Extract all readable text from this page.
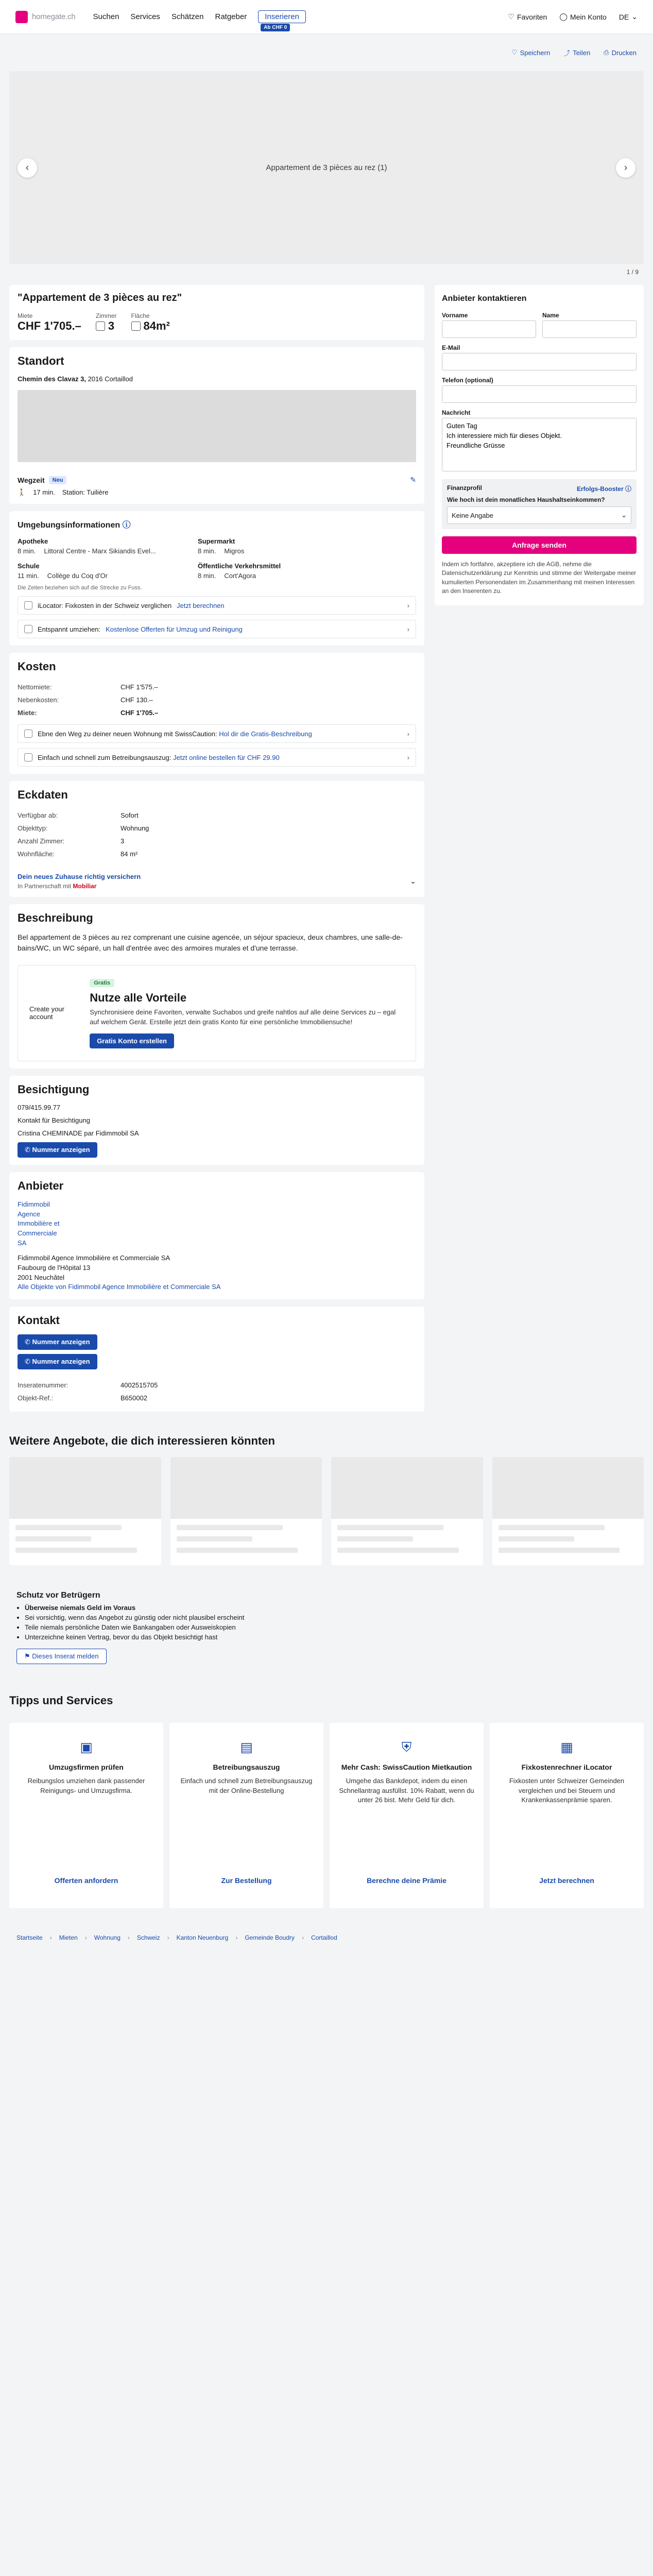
homegate.ch Suchen Services Schätzen Ratgeber	Inserieren
Ab CHF 0
♡ Favoriten ◯ Mein Konto DE ⌄
♡ Speichern ⤴ Teilen ⎙ Drucken
‹	Appartement de 3 pièces au rez (1)	›
1 / 9
"Appartement de 3 pièces au rez"
Miete
CHF 1'705.–
Zimmer
3
Fläche
84m²
Standort
Chemin des Clavaz 3, 2016 Cortaillod
Wegzeit	Neu	✎
🚶 17 min. Station: Tuilière
Umgebungsinformationen ⓘ
Apotheke
8 min. Littoral Centre - Marx Sikiandis Evel...
Supermarkt
8 min. Migros
Schule
11 min. Collège du Coq d'Or
Öffentliche Verkehrsmittel
8 min. Cort'Agora
Die Zeiten beziehen sich auf die Strecke zu Fuss.
iLocator: Fixkosten in der Schweiz verglichen Jetzt berechnen	›
Entspannt umziehen: Kostenlose Offerten für Umzug und Reinigung	›
Kosten
Nettomiete:	CHF 1'575.–
Nebenkosten:	CHF 130.–
Miete:	CHF 1'705.–
Ebne den Weg zu deiner neuen Wohnung mit SwissCaution: Hol dir die Gratis-Beschreibung	›
Einfach und schnell zum Betreibungsauszug: Jetzt online bestellen für CHF 29.90	›
Eckdaten
Verfügbar ab:	Sofort
Objekttyp:	Wohnung
Anzahl Zimmer:	3
Wohnfläche:	84 m²
Dein neues Zuhause richtig versichern
In Partnerschaft mit Mobiliar
⌄
Beschreibung

Bel appartement de 3 pièces au rez comprenant une cuisine agencée, un séjour spacieux, deux chambres, une salle-de-bains/WC, un WC séparé, un hall d'entrée avec des armoires murales et d'une terrasse.

Create your account
Gratis
Nutze alle Vorteile

Synchronisiere deine Favoriten, verwalte Suchabos und greife nahtlos auf alle deine Services zu – egal auf welchem Gerät. Erstelle jetzt dein gratis Konto für eine persönliche Immobiliensuche!

Gratis Konto erstellen
Besichtigung
079/415.99.77
Kontakt für Besichtigung
Cristina CHEMINADE par Fidimmobil SA
✆ Nummer anzeigen
Anbieter
Fidimmobil
Agence
Immobilière et
Commerciale
SA
Fidimmobil Agence Immobilière et Commerciale SA
Faubourg de l'Hôpital 13
2001 Neuchâtel
Alle Objekte von Fidimmobil Agence Immobilière et Commerciale SA
Kontakt
✆ Nummer anzeigen
✆ Nummer anzeigen
Inseratenummer:	4002515705
Objekt-Ref.:	B650002
Anbieter kontaktieren
Vorname	Name
E-Mail
Telefon (optional)
Nachricht
Guten Tag Ich interessiere mich für dieses Objekt. Freundliche Grüsse
Finanzprofil	Erfolgs-Booster ⓘ
Wie hoch ist dein monatliches Haushaltseinkommen?
Keine Angabe	⌄
Anfrage senden

Indem ich fortfahre, akzeptiere ich die AGB, nehme die Datenschutzerklärung zur Kenntnis und stimme der Weitergabe meiner kumulierten Personendaten im Zusammenhang mit meinen Interessen an den Inserenten zu.

Weitere Angebote, die dich interessieren könnten
Schutz vor Betrügern
• Überweise niemals Geld im Voraus
• Sei vorsichtig, wenn das Angebot zu günstig oder nicht plausibel erscheint
• Teile niemals persönliche Daten wie Bankangaben oder Ausweiskopien
• Unterzeichne keinen Vertrag, bevor du das Objekt besichtigt hast
⚑ Dieses Inserat melden
Tipps und Services
▣
Umzugsfirmen prüfen

Reibungslos umziehen dank passender Reinigungs- und Umzugsfirma.

Offerten anfordern
▤
Betreibungsauszug

Einfach und schnell zum Betreibungsauszug mit der Online-Bestellung

Zur Bestellung
⛨
Mehr Cash: SwissCaution Mietkaution

Umgehe das Bankdepot, indem du einen Schnellantrag ausfüllst. 10% Rabatt, wenn du unter 26 bist. Mehr Geld für dich.

Berechne deine Prämie
▦
Fixkostenrechner iLocator

Fixkosten unter Schweizer Gemeinden vergleichen und bei Steuern und Krankenkassenprämie sparen.

Jetzt berechnen
Startseite › Mieten › Wohnung › Schweiz › Kanton Neuenburg › Gemeinde Boudry › Cortaillod
